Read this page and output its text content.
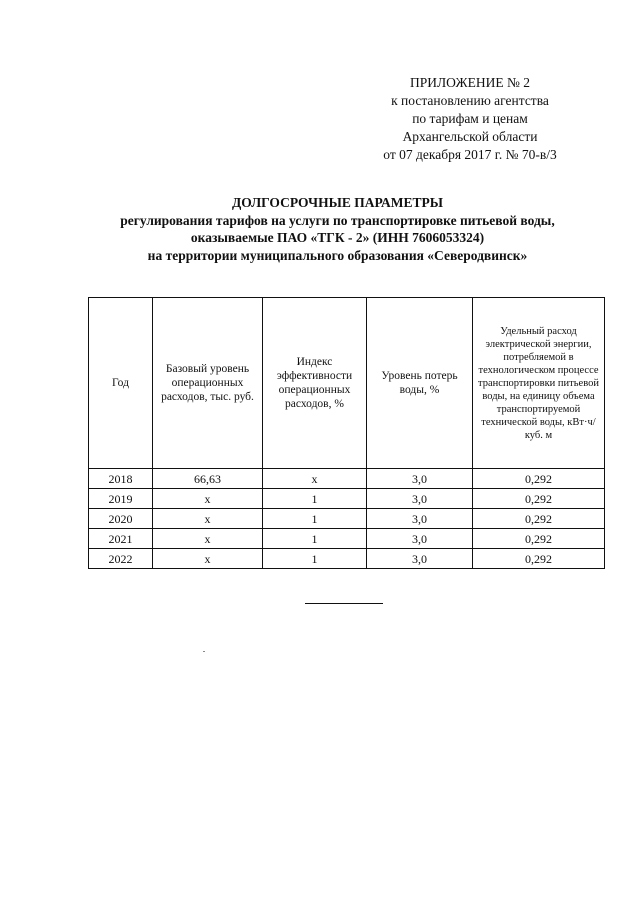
ПРИЛОЖЕНИЕ № 2
к постановлению агентства
по тарифам и ценам
Архангельской области
от 07 декабря 2017 г. № 70-в/3
ДОЛГОСРОЧНЫЕ ПАРАМЕТРЫ
регулирования тарифов на услуги по транспортировке питьевой воды,
оказываемые ПАО «ТГК - 2» (ИНН 7606053324)
на территории муниципального образования «Северодвинск»
Год	Базовый уровень операционных расходов, тыс. руб.	Индекс эффективности операционных расходов, %	Уровень потерь воды, %	Удельный расход электрической энергии, потребляемой в технологическом процессе транспортировки питьевой воды, на единицу объема транспортируемой технической воды, кВт·ч/куб. м
2018	66,63	x	3,0	0,292
2019	x	1	3,0	0,292
2020	x	1	3,0	0,292
2021	x	1	3,0	0,292
2022	x	1	3,0	0,292
